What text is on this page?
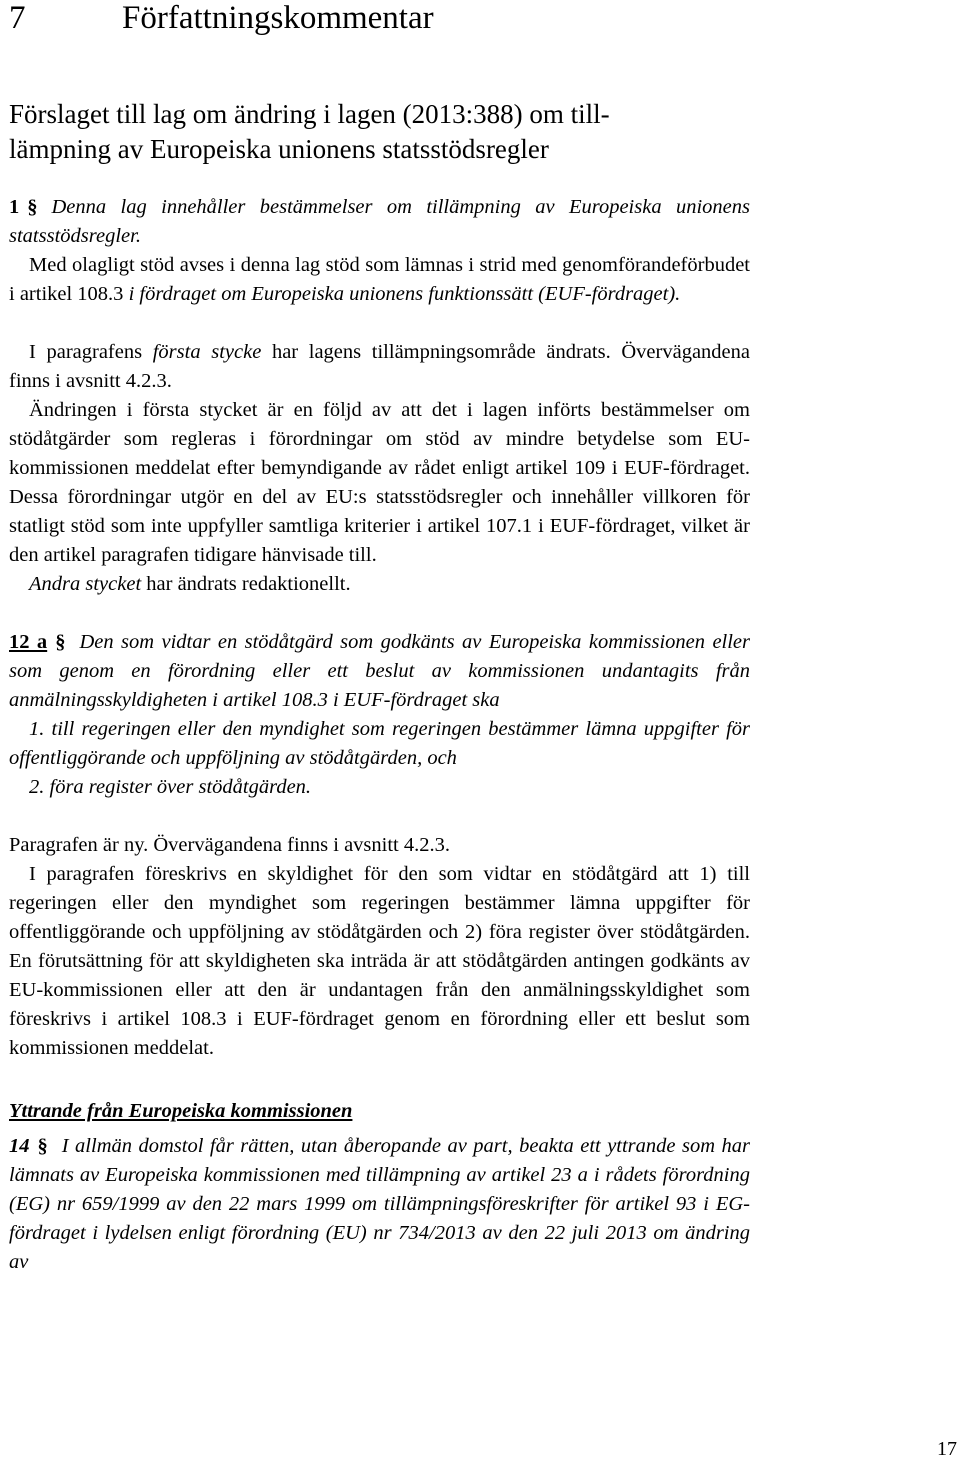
7	Författningskommentar
Förslaget till lag om ändring i lagen (2013:388) om till-
lämpning av Europeiska unionens statsstödsregler

1 § Denna lag innehåller bestämmelser om tillämpning av Europeiska unionens statsstödsregler.

Med olagligt stöd avses i denna lag stöd som lämnas i strid med genomförandeförbudet i artikel 108.3 i fördraget om Europeiska unionens funktionssätt (EUF-fördraget).

I paragrafens första stycke har lagens tillämpningsområde ändrats. Övervägandena finns i avsnitt 4.2.3.

Ändringen i första stycket är en följd av att det i lagen införts bestämmelser om stödåtgärder som regleras i förordningar om stöd av mindre betydelse som EU-kommissionen meddelat efter bemyndigande av rådet enligt artikel 109 i EUF-fördraget. Dessa förordningar utgör en del av EU:s statsstödsregler och innehåller villkoren för statligt stöd som inte uppfyller samtliga kriterier i artikel 107.1 i EUF-fördraget, vilket är den artikel paragrafen tidigare hänvisade till.

Andra stycket har ändrats redaktionellt.

12 a § Den som vidtar en stödåtgärd som godkänts av Europeiska kommissionen eller som genom en förordning eller ett beslut av kommissionen undantagits från anmälningsskyldigheten i artikel 108.3 i EUF-fördraget ska

1. till regeringen eller den myndighet som regeringen bestämmer lämna uppgifter för offentliggörande och uppföljning av stödåtgärden, och

2. föra register över stödåtgärden.

Paragrafen är ny. Övervägandena finns i avsnitt 4.2.3.

I paragrafen föreskrivs en skyldighet för den som vidtar en stödåtgärd att 1) till regeringen eller den myndighet som regeringen bestämmer lämna uppgifter för offentliggörande och uppföljning av stödåtgärden och 2) föra register över stödåtgärden. En förutsättning för att skyldigheten ska inträda är att stödåtgärden antingen godkänts av EU-kommissionen eller att den är undantagen från den anmälningsskyldighet som föreskrivs i artikel 108.3 i EUF-fördraget genom en förordning eller ett beslut som kommissionen meddelat.

Yttrande från Europeiska kommissionen

14 § I allmän domstol får rätten, utan åberopande av part, beakta ett yttrande som har lämnats av Europeiska kommissionen med tillämpning av artikel 23 a i rådets förordning (EG) nr 659/1999 av den 22 mars 1999 om tillämpningsföreskrifter för artikel 93 i EG-fördraget i lydelsen enligt förordning (EU) nr 734/2013 av den 22 juli 2013 om ändring av

17
